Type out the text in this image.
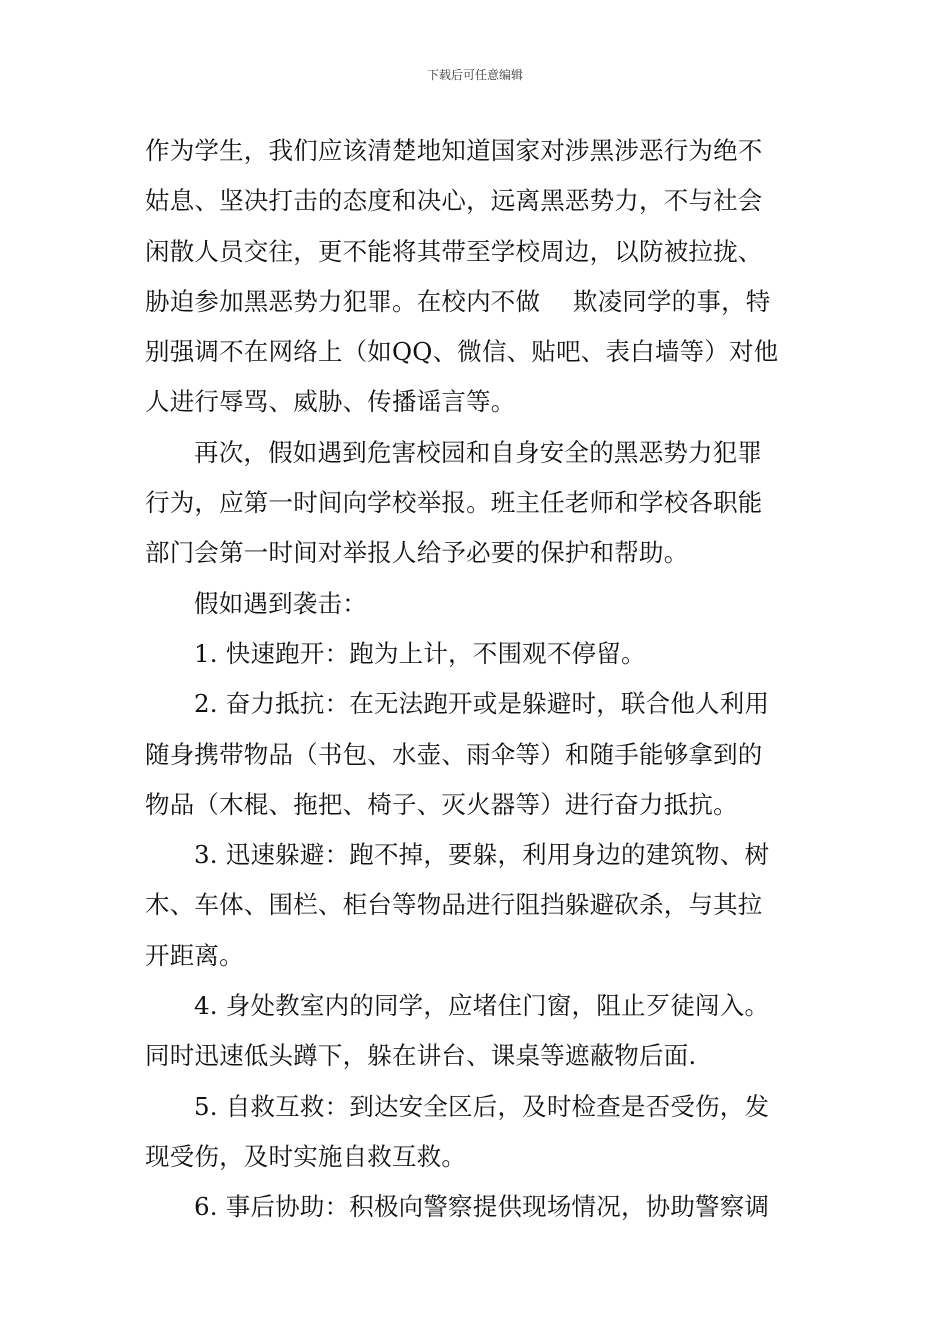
下载后可任意编辑

作为学生，我们应该清楚地知道国家对涉黑涉恶行为绝不
姑息、坚决打击的态度和决心，远离黑恶势力，不与社会
闲散人员交往，更不能将其带至学校周边，以防被拉拢、
胁迫参加黑恶势力犯罪。在校内不做　 欺凌同学的事，特
别强调不在网络上（如QQ、微信、贴吧、表白墙等）对他
人进行辱骂、威胁、传播谣言等。

再次，假如遇到危害校园和自身安全的黑恶势力犯罪
行为，应第一时间向学校举报。班主任老师和学校各职能
部门会第一时间对举报人给予必要的保护和帮助。

假如遇到袭击：

1. 快速跑开：跑为上计，不围观不停留。

2. 奋力抵抗：在无法跑开或是躲避时，联合他人利用
随身携带物品（书包、水壶、雨伞等）和随手能够拿到的
物品（木棍、拖把、椅子、灭火器等）进行奋力抵抗。

3. 迅速躲避：跑不掉，要躲，利用身边的建筑物、树
木、车体、围栏、柜台等物品进行阻挡躲避砍杀，与其拉
开距离。

4. 身处教室内的同学，应堵住门窗，阻止歹徒闯入。
同时迅速低头蹲下，躲在讲台、课桌等遮蔽物后面.

5. 自救互救：到达安全区后，及时检查是否受伤，发
现受伤，及时实施自救互救。

6. 事后协助：积极向警察提供现场情况，协助警察调
